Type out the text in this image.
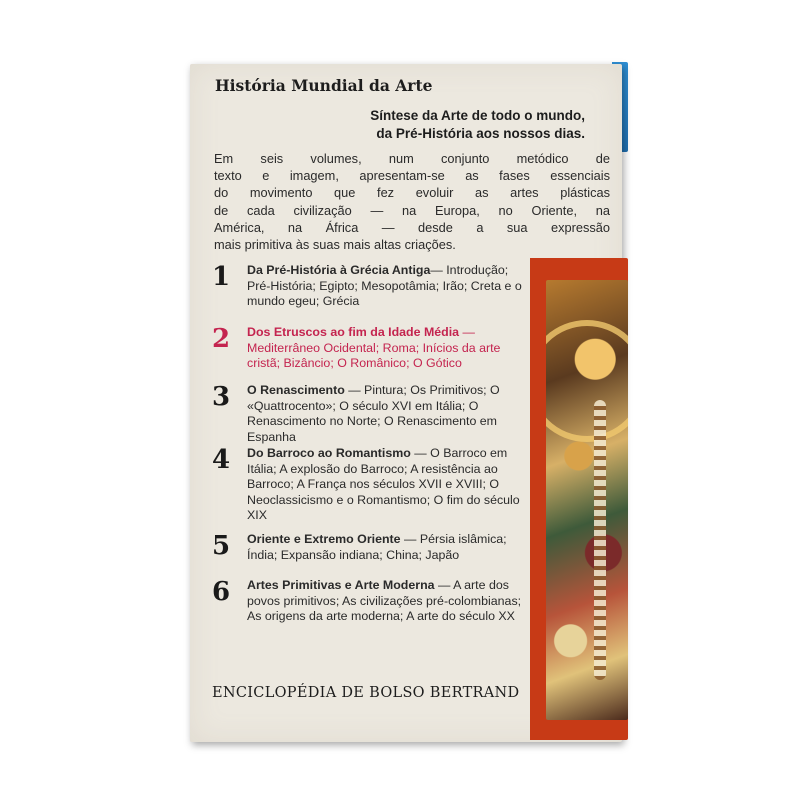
História Mundial da Arte
Síntese da Arte de todo o mundo,
da Pré-História aos nossos dias.
Em seis volumes, num conjunto metódico de
texto e imagem, apresentam-se as fases essenciais
do movimento que fez evoluir as artes plásticas
de cada civilização — na Europa, no Oriente, na
América, na África — desde a sua expressão
mais primitiva às suas mais altas criações.
1	Da Pré-História à Grécia Antiga— Introdução; Pré-História; Egipto; Mesopotâmia; Irão; Creta e o mundo egeu; Grécia
2	Dos Etruscos ao fim da Idade Média — Mediterrâneo Ocidental; Roma; Inícios da arte cristã; Bizâncio; O Românico; O Gótico
3	O Renascimento — Pintura; Os Primitivos; O «Quattrocento»; O século XVI em Itália; O Renascimento no Norte; O Renascimento em Espanha
4	Do Barroco ao Romantismo — O Barroco em Itália; A explosão do Barroco; A resistência ao Barroco; A França nos séculos XVII e XVIII; O Neoclassicismo e o Romantismo; O fim do século XIX
5	Oriente e Extremo Oriente — Pérsia islâmica; Índia; Expansão indiana; China; Japão
6	Artes Primitivas e Arte Moderna — A arte dos povos primitivos; As civilizações pré-colombianas; As origens da arte moderna; A arte do século XX
ENCICLOPÉDIA DE BOLSO BERTRAND
